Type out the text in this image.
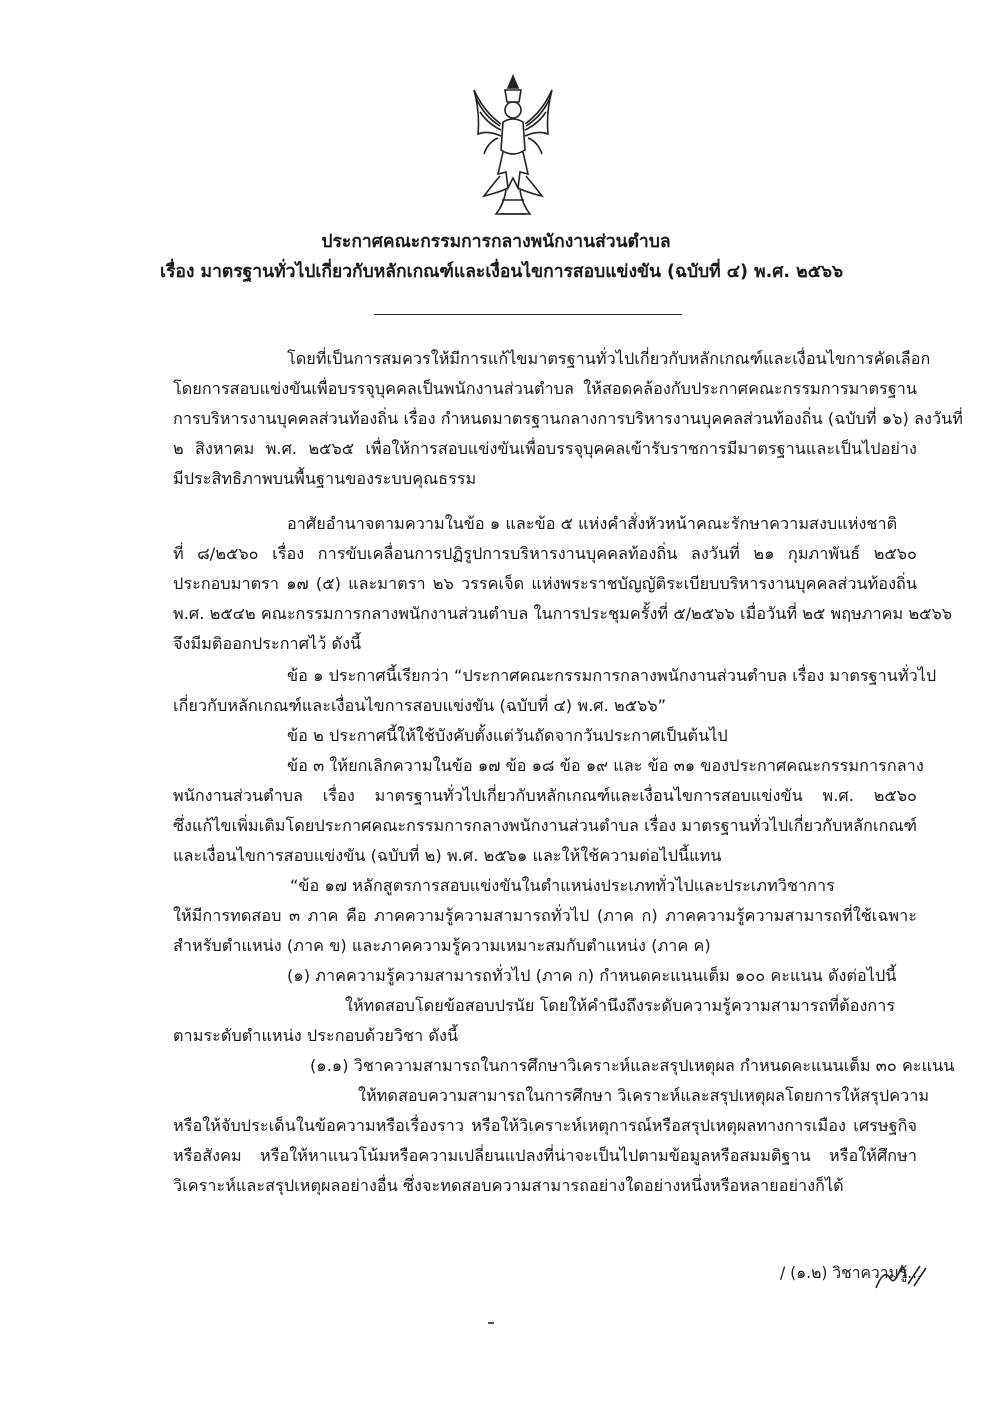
ประกาศคณะกรรมการกลางพนักงานส่วนตำบล
เรื่อง มาตรฐานทั่วไปเกี่ยวกับหลักเกณฑ์และเงื่อนไขการสอบแข่งขัน (ฉบับที่ ๔) พ.ศ. ๒๕๖๖
โดยที่เป็นการสมควรให้มีการแก้ไขมาตรฐานทั่วไปเกี่ยวกับหลักเกณฑ์และเงื่อนไขการคัดเลือก
โดยการสอบแข่งขันเพื่อบรรจุบุคคลเป็นพนักงานส่วนตำบล ให้สอดคล้องกับประกาศคณะกรรมการมาตรฐาน
การบริหารงานบุคคลส่วนท้องถิ่น เรื่อง กำหนดมาตรฐานกลางการบริหารงานบุคคลส่วนท้องถิ่น (ฉบับที่ ๑๖) ลงวันที่
๒ สิงหาคม พ.ศ. ๒๕๖๕ เพื่อให้การสอบแข่งขันเพื่อบรรจุบุคคลเข้ารับราชการมีมาตรฐานและเป็นไปอย่าง
มีประสิทธิภาพบนพื้นฐานของระบบคุณธรรม
อาศัยอำนาจตามความในข้อ ๑ และข้อ ๕ แห่งคำสั่งหัวหน้าคณะรักษาความสงบแห่งชาติ
ที่ ๘/๒๕๖๐ เรื่อง การขับเคลื่อนการปฏิรูปการบริหารงานบุคคลท้องถิ่น ลงวันที่ ๒๑ กุมภาพันธ์ ๒๕๖๐
ประกอบมาตรา ๑๗ (๕) และมาตรา ๒๖ วรรคเจ็ด แห่งพระราชบัญญัติระเบียบบริหารงานบุคคลส่วนท้องถิ่น
พ.ศ. ๒๕๔๒ คณะกรรมการกลางพนักงานส่วนตำบล ในการประชุมครั้งที่ ๕/๒๕๖๖ เมื่อวันที่ ๒๕ พฤษภาคม ๒๕๖๖
จึงมีมติออกประกาศไว้ ดังนี้
ข้อ ๑ ประกาศนี้เรียกว่า “ประกาศคณะกรรมการกลางพนักงานส่วนตำบล เรื่อง มาตรฐานทั่วไป
เกี่ยวกับหลักเกณฑ์และเงื่อนไขการสอบแข่งขัน (ฉบับที่ ๔) พ.ศ. ๒๕๖๖”
ข้อ ๒ ประกาศนี้ให้ใช้บังคับตั้งแต่วันถัดจากวันประกาศเป็นต้นไป
ข้อ ๓ ให้ยกเลิกความในข้อ ๑๗ ข้อ ๑๘ ข้อ ๑๙ และ ข้อ ๓๑ ของประกาศคณะกรรมการกลาง
พนักงานส่วนตำบล เรื่อง มาตรฐานทั่วไปเกี่ยวกับหลักเกณฑ์และเงื่อนไขการสอบแข่งขัน พ.ศ. ๒๕๖๐
ซึ่งแก้ไขเพิ่มเติมโดยประกาศคณะกรรมการกลางพนักงานส่วนตำบล เรื่อง มาตรฐานทั่วไปเกี่ยวกับหลักเกณฑ์
และเงื่อนไขการสอบแข่งขัน (ฉบับที่ ๒) พ.ศ. ๒๕๖๑ และให้ใช้ความต่อไปนี้แทน
“ข้อ ๑๗ หลักสูตรการสอบแข่งขันในตำแหน่งประเภททั่วไปและประเภทวิชาการ
ให้มีการทดสอบ ๓ ภาค คือ ภาคความรู้ความสามารถทั่วไป (ภาค ก) ภาคความรู้ความสามารถที่ใช้เฉพาะ
สำหรับตำแหน่ง (ภาค ข) และภาคความรู้ความเหมาะสมกับตำแหน่ง (ภาค ค)
(๑) ภาคความรู้ความสามารถทั่วไป (ภาค ก) กำหนดคะแนนเต็ม ๑๐๐ คะแนน ดังต่อไปนี้
ให้ทดสอบโดยข้อสอบปรนัย โดยให้คำนึงถึงระดับความรู้ความสามารถที่ต้องการ
ตามระดับตำแหน่ง ประกอบด้วยวิชา ดังนี้
(๑.๑) วิชาความสามารถในการศึกษาวิเคราะห์และสรุปเหตุผล กำหนดคะแนนเต็ม ๓๐ คะแนน
ให้ทดสอบความสามารถในการศึกษา วิเคราะห์และสรุปเหตุผลโดยการให้สรุปความ
หรือให้จับประเด็นในข้อความหรือเรื่องราว หรือให้วิเคราะห์เหตุการณ์หรือสรุปเหตุผลทางการเมือง เศรษฐกิจ
หรือสังคม หรือให้หาแนวโน้มหรือความเปลี่ยนแปลงที่น่าจะเป็นไปตามข้อมูลหรือสมมติฐาน หรือให้ศึกษา
วิเคราะห์และสรุปเหตุผลอย่างอื่น ซึ่งจะทดสอบความสามารถอย่างใดอย่างหนึ่งหรือหลายอย่างก็ได้
/ (๑.๒) วิชาความรู้...
